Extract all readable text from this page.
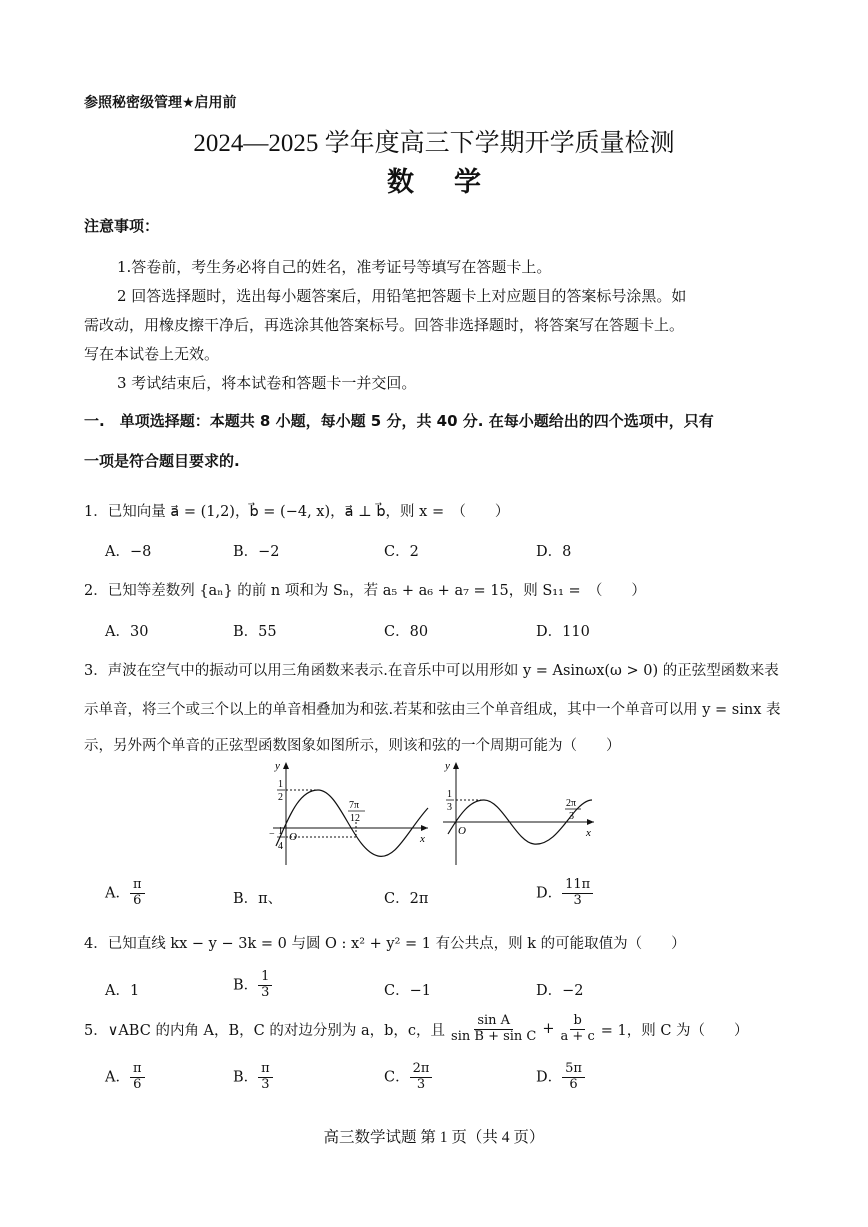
参照秘密级管理★启用前
2024—2025 学年度高三下学期开学质量检测
数学
注意事项：
1.答卷前，考生务必将自己的姓名，准考证号等填写在答题卡上。
2 回答选择题时，选出每小题答案后，用铅笔把答题卡上对应题目的答案标号涂黑。如
需改动，用橡皮擦干净后，再选涂其他答案标号。回答非选择题时，将答案写在答题卡上。
写在本试卷上无效。
3 考试结束后，将本试卷和答题卡一并交回。
一.　单项选择题：本题共 8 小题，每小题 5 分，共 40 分. 在每小题给出的四个选项中，只有
一项是符合题目要求的.
1．已知向量 a⃗ = (1,2)，b⃗ = (−4, x)，a⃗ ⊥ b⃗，则 x =　（　　）
A．−8	B．−2	C．2	D．8
2．已知等差数列 {aₙ} 的前 n 项和为 Sₙ，若 a₅ + a₆ + a₇ = 15，则 S₁₁ =　（　　）
A．30	B．55	C．80	D．110
3．声波在空气中的振动可以用三角函数来表示.在音乐中可以用形如 y = Asinωx(ω > 0) 的正弦型函数来表
示单音，将三个或三个以上的单音相叠加为和弦.若某和弦由三个单音组成，其中一个单音可以用 y = sinx 表
示，另外两个单音的正弦型函数图象如图所示，则该和弦的一个周期可能为（　　）
y
x
O
1
2
− 1
4
7π
12
y
x
O
1
3	2π
3
A． $\frac{\pi}{6}$	B．π、	C．2π	D． $\frac{11\pi}{3}$
4．已知直线 kx − y − 3k = 0 与圆 O : x² + y² = 1 有公共点，则 k 的可能取值为（　　）
A．1	B． $\frac{1}{3}$	C．−1	D．−2
5．∨ABC 的内角 A，B，C 的对边分别为 a，b，c，且 $\frac{\text{sin A}}{\text{sin B + sin C}} + \frac{b}{a + c} = 1$，则 C 为（　　）
A． $\frac{\pi}{6}$	B． $\frac{\pi}{3}$	C． $\frac{2\pi}{3}$	D． $\frac{5\pi}{6}$
高三数学试题 第 1 页（共 4 页）
